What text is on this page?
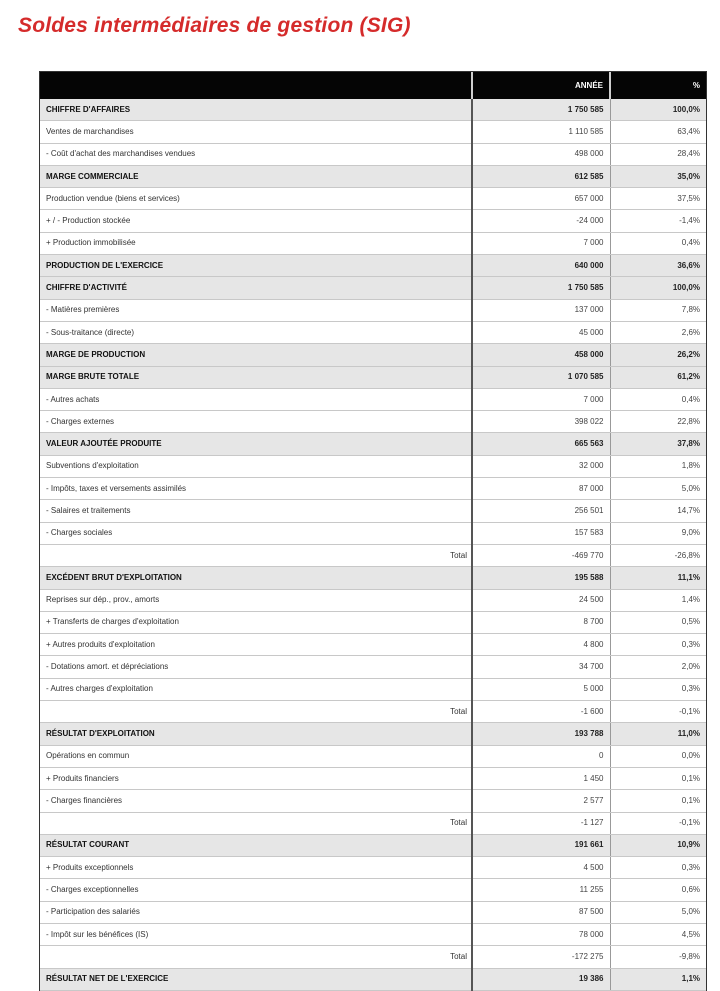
Soldes intermédiaires de gestion (SIG)
	ANNÉE	%
CHIFFRE D'AFFAIRES	1 750 585	100,0%
Ventes de marchandises	1 110 585	63,4%
- Coût d'achat des marchandises vendues	498 000	28,4%
MARGE COMMERCIALE	612 585	35,0%
Production vendue (biens et services)	657 000	37,5%
+ / - Production stockée	-24 000	-1,4%
+ Production immobilisée	7 000	0,4%
PRODUCTION DE L'EXERCICE	640 000	36,6%
CHIFFRE D'ACTIVITÉ	1 750 585	100,0%
- Matières premières	137 000	7,8%
- Sous-traitance (directe)	45 000	2,6%
MARGE DE PRODUCTION	458 000	26,2%
MARGE BRUTE TOTALE	1 070 585	61,2%
- Autres achats	7 000	0,4%
- Charges externes	398 022	22,8%
VALEUR AJOUTÉE PRODUITE	665 563	37,8%
Subventions d'exploitation	32 000	1,8%
- Impôts, taxes et versements assimilés	87 000	5,0%
- Salaires et traitements	256 501	14,7%
- Charges sociales	157 583	9,0%
Total	-469 770	-26,8%
EXCÉDENT BRUT D'EXPLOITATION	195 588	11,1%
Reprises sur dép., prov., amorts	24 500	1,4%
+ Transferts de charges d'exploitation	8 700	0,5%
+ Autres produits d'exploitation	4 800	0,3%
- Dotations amort. et dépréciations	34 700	2,0%
- Autres charges d'exploitation	5 000	0,3%
Total	-1 600	-0,1%
RÉSULTAT D'EXPLOITATION	193 788	11,0%
Opérations en commun	0	0,0%
+ Produits financiers	1 450	0,1%
- Charges financières	2 577	0,1%
Total	-1 127	-0,1%
RÉSULTAT COURANT	191 661	10,9%
+ Produits exceptionnels	4 500	0,3%
- Charges exceptionnelles	11 255	0,6%
- Participation des salariés	87 500	5,0%
- Impôt sur les bénéfices (IS)	78 000	4,5%
Total	-172 275	-9,8%
RÉSULTAT NET DE L'EXERCICE	19 386	1,1%
